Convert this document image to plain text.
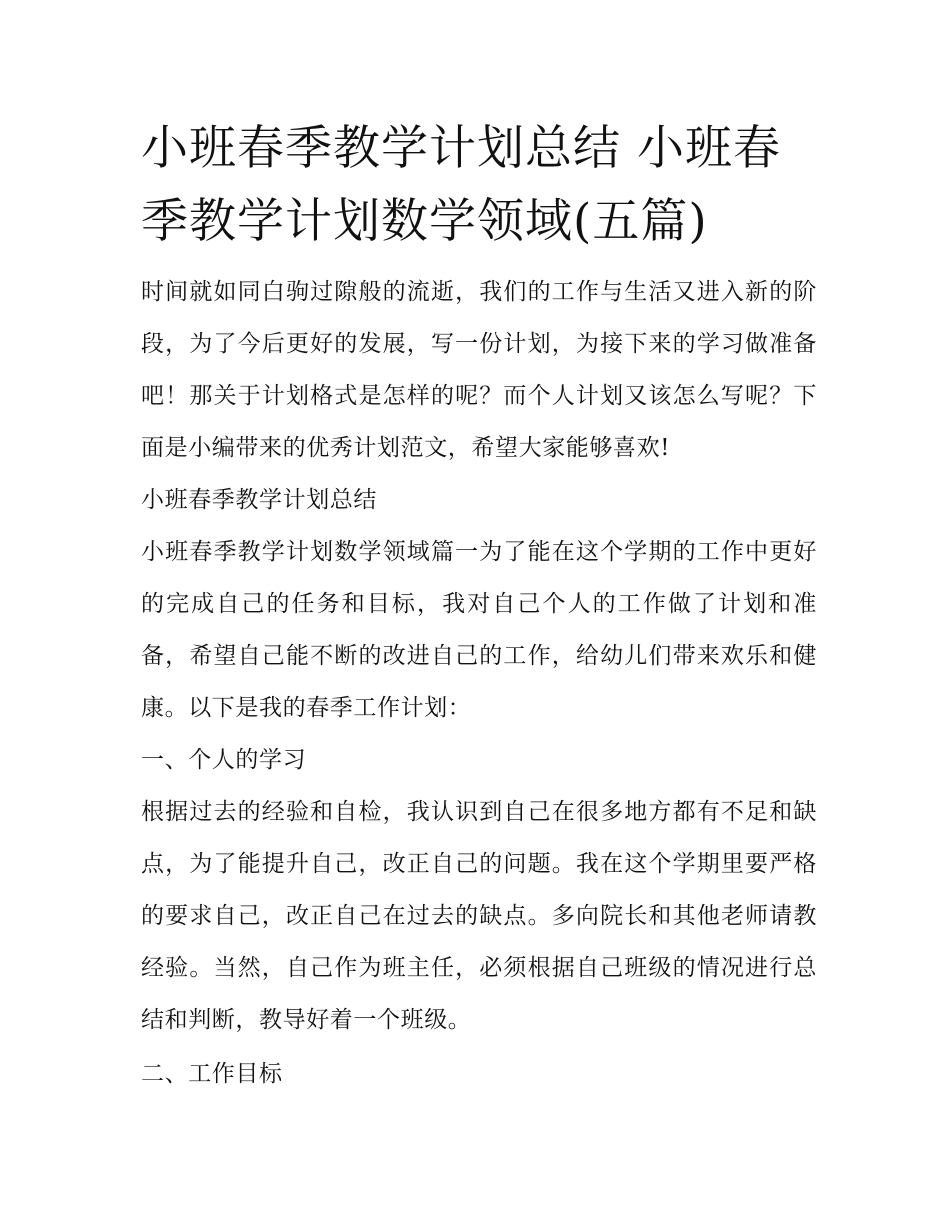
小班春季教学计划总结 小班春季教学计划数学领域(五篇)

时间就如同白驹过隙般的流逝，我们的工作与生活又进入新的阶段，为了今后更好的发展，写一份计划，为接下来的学习做准备吧！那关于计划格式是怎样的呢？而个人计划又该怎么写呢？下面是小编带来的优秀计划范文，希望大家能够喜欢!

小班春季教学计划总结

小班春季教学计划数学领域篇一为了能在这个学期的工作中更好的完成自己的任务和目标，我对自己个人的工作做了计划和准备，希望自己能不断的改进自己的工作，给幼儿们带来欢乐和健康。以下是我的春季工作计划：

一、个人的学习

根据过去的经验和自检，我认识到自己在很多地方都有不足和缺点，为了能提升自己，改正自己的问题。我在这个学期里要严格的要求自己，改正自己在过去的缺点。多向院长和其他老师请教经验。当然，自己作为班主任，必须根据自己班级的情况进行总结和判断，教导好着一个班级。

二、工作目标
